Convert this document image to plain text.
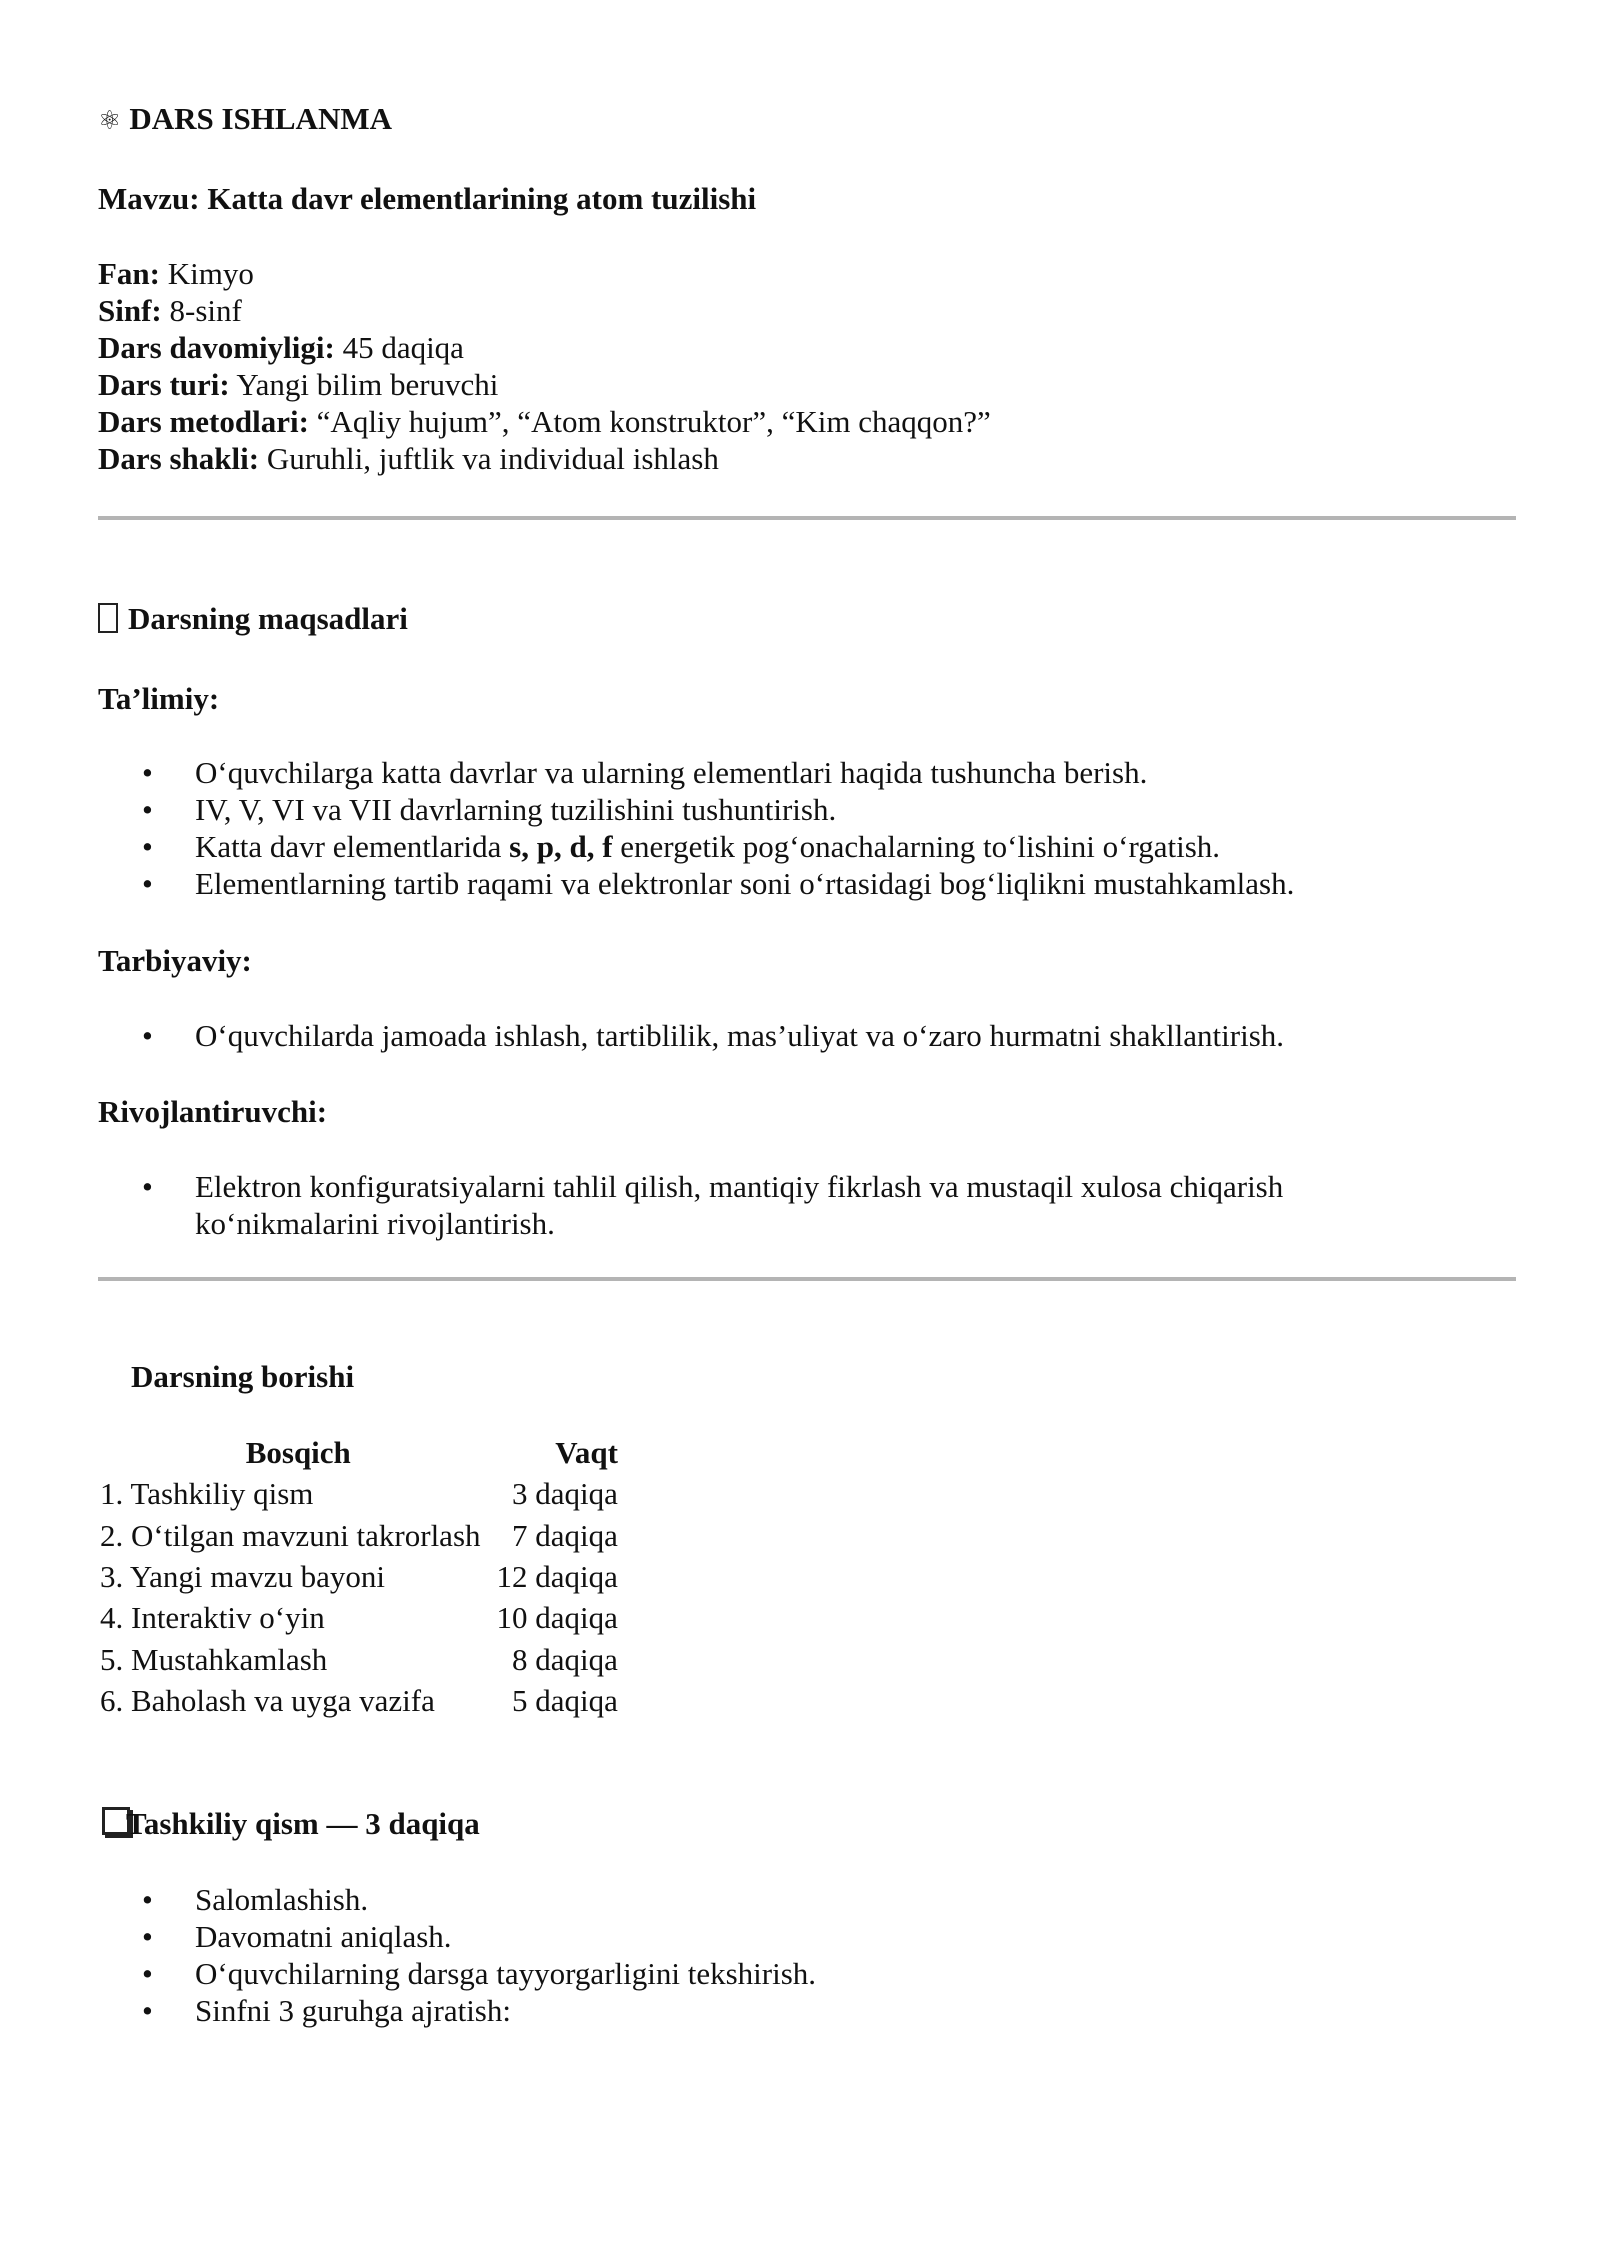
⚛ DARS ISHLANMA
Mavzu: Katta davr elementlarining atom tuzilishi
Fan: Kimyo
Sinf: 8-sinf
Dars davomiyligi: 45 daqiqa
Dars turi: Yangi bilim beruvchi
Dars metodlari: “Aqliy hujum”, “Atom konstruktor”, “Kim chaqqon?”
Dars shakli: Guruhli, juftlik va individual ishlash
Darsning maqsadlari
Ta’limiy:
• O‘quvchilarga katta davrlar va ularning elementlari haqida tushuncha berish.
• IV, V, VI va VII davrlarning tuzilishini tushuntirish.
• Katta davr elementlarida s, p, d, f energetik pog‘onachalarning to‘lishini o‘rgatish.
• Elementlarning tartib raqami va elektronlar soni o‘rtasidagi bog‘liqlikni mustahkamlash.
Tarbiyaviy:
• O‘quvchilarda jamoada ishlash, tartiblilik, mas’uliyat va o‘zaro hurmatni shakllantirish.
Rivojlantiruvchi:
• Elektron konfiguratsiyalarni tahlil qilish, mantiqiy fikrlash va mustaqil xulosa chiqarish ko‘nikmalarini rivojlantirish.
Darsning borishi
Bosqich	Vaqt
1. Tashkiliy qism	3 daqiqa
2. O‘tilgan mavzuni takrorlash	7 daqiqa
3. Yangi mavzu bayoni	12 daqiqa
4. Interaktiv o‘yin	10 daqiqa
5. Mustahkamlash	8 daqiqa
6. Baholash va uyga vazifa	5 daqiqa
Tashkiliy qism — 3 daqiqa
• Salomlashish.
• Davomatni aniqlash.
• O‘quvchilarning darsga tayyorgarligini tekshirish.
• Sinfni 3 guruhga ajratish:
